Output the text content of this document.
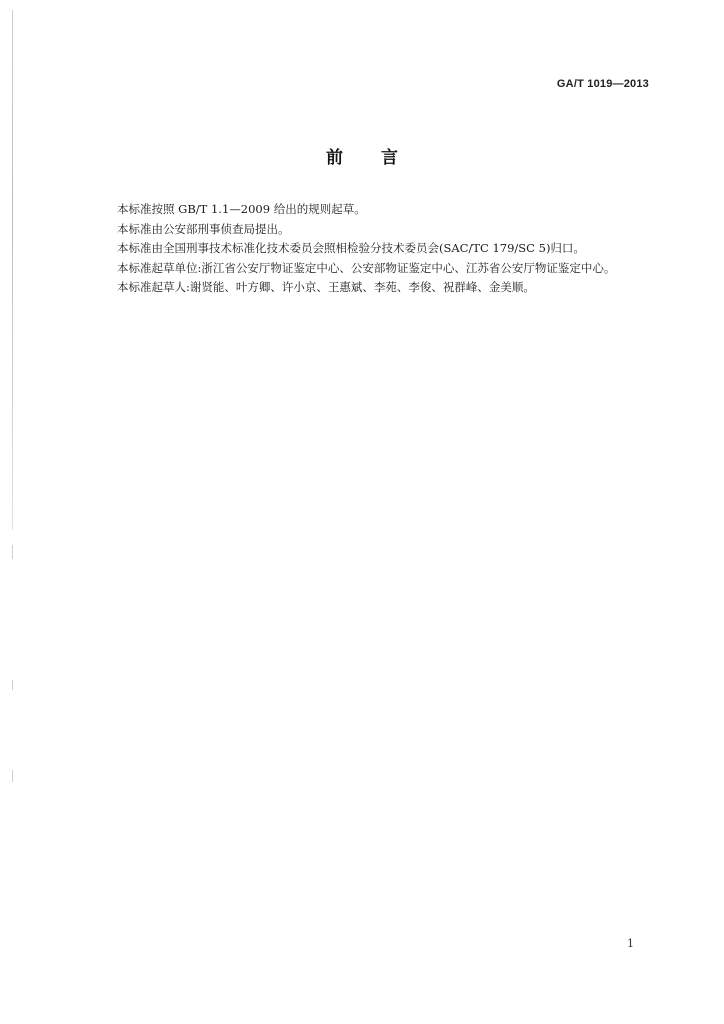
GA/T 1019—2013
前 言
本标准按照 GB/T 1.1—2009 给出的规则起草。
本标准由公安部刑事侦查局提出。
本标准由全国刑事技术标准化技术委员会照相检验分技术委员会(SAC/TC 179/SC 5)归口。
本标准起草单位:浙江省公安厅物证鉴定中心、公安部物证鉴定中心、江苏省公安厅物证鉴定中心。
本标准起草人:谢贤能、叶方卿、许小京、王惠斌、李苑、李俊、祝群峰、金美顺。
1
